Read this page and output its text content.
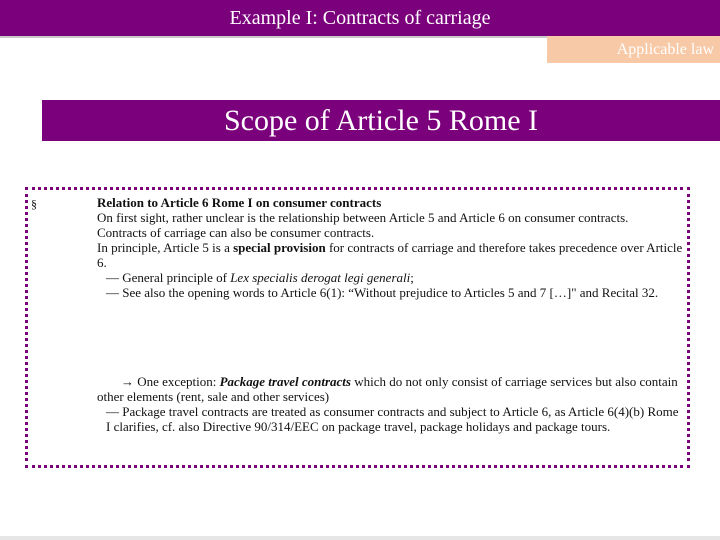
Example I: Contracts of carriage
Applicable law
Scope of Article 5 Rome I
§	Relation to Article 6 Rome I on consumer contracts

On first sight, rather unclear is the relationship between Article 5 and Article 6 on consumer contracts.

Contracts of carriage can also be consumer contracts.

In principle, Article 5 is a special provision for contracts of carriage and therefore takes precedence over Article 6.

— General principle of Lex specialis derogat legi generali;

— See also the opening words to Article 6(1): “Without prejudice to Articles 5 and 7 […]" and Recital 32.

→ One exception: Package travel contracts which do not only consist of carriage services but also contain other elements (rent, sale and other services)

— Package travel contracts are treated as consumer contracts and subject to Article 6, as Article 6(4)(b) Rome I clarifies, cf. also Directive 90/314/EEC on package travel, package holidays and package tours.
